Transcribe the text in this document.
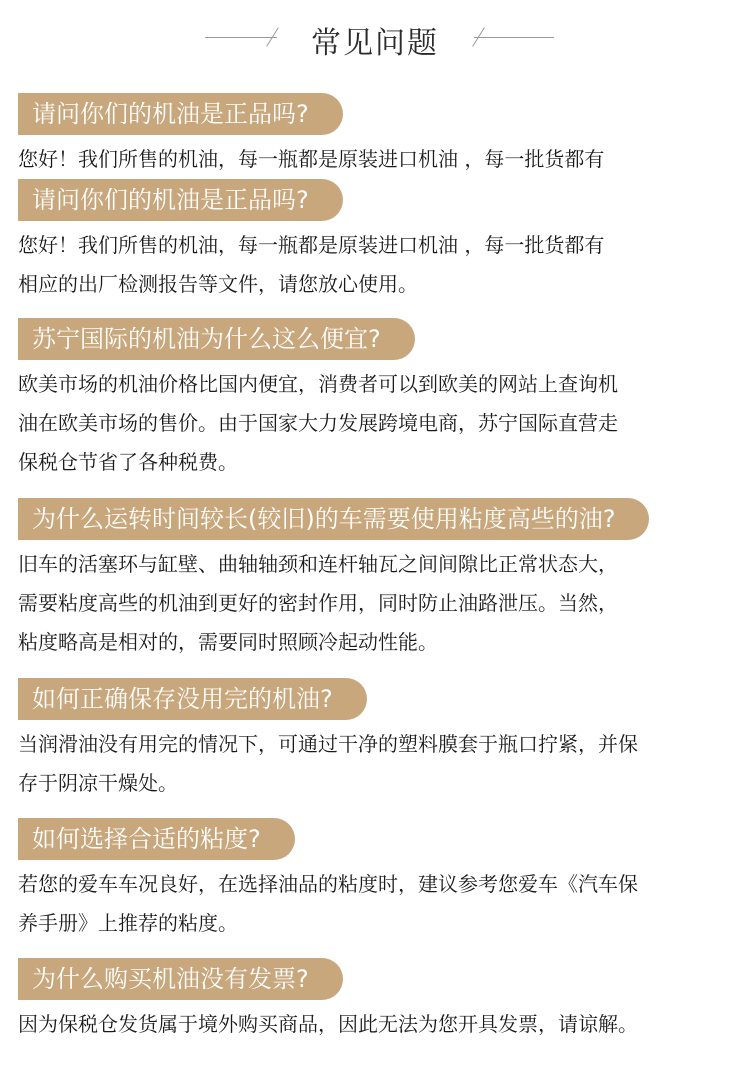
常见问题
请问你们的机油是正品吗?
您好！我们所售的机油，每一瓶都是原装进口机油 ，每一批货都有
请问你们的机油是正品吗?
您好！我们所售的机油，每一瓶都是原装进口机油 ，每一批货都有
相应的出厂检测报告等文件，请您放心使用。
苏宁国际的机油为什么这么便宜?
欧美市场的机油价格比国内便宜，消费者可以到欧美的网站上查询机
油在欧美市场的售价。由于国家大力发展跨境电商，苏宁国际直营走
保税仓节省了各种税费。
为什么运转时间较长(较旧)的车需要使用粘度高些的油?
旧车的活塞环与缸壁、曲轴轴颈和连杆轴瓦之间间隙比正常状态大，
需要粘度高些的机油到更好的密封作用，同时防止油路泄压。当然，
粘度略高是相对的，需要同时照顾冷起动性能。
如何正确保存没用完的机油?
当润滑油没有用完的情况下，可通过干净的塑料膜套于瓶口拧紧，并保
存于阴凉干燥处。
如何选择合适的粘度?
若您的爱车车况良好，在选择油品的粘度时，建议参考您爱车《汽车保
养手册》上推荐的粘度。
为什么购买机油没有发票?
因为保税仓发货属于境外购买商品，因此无法为您开具发票，请谅解。
